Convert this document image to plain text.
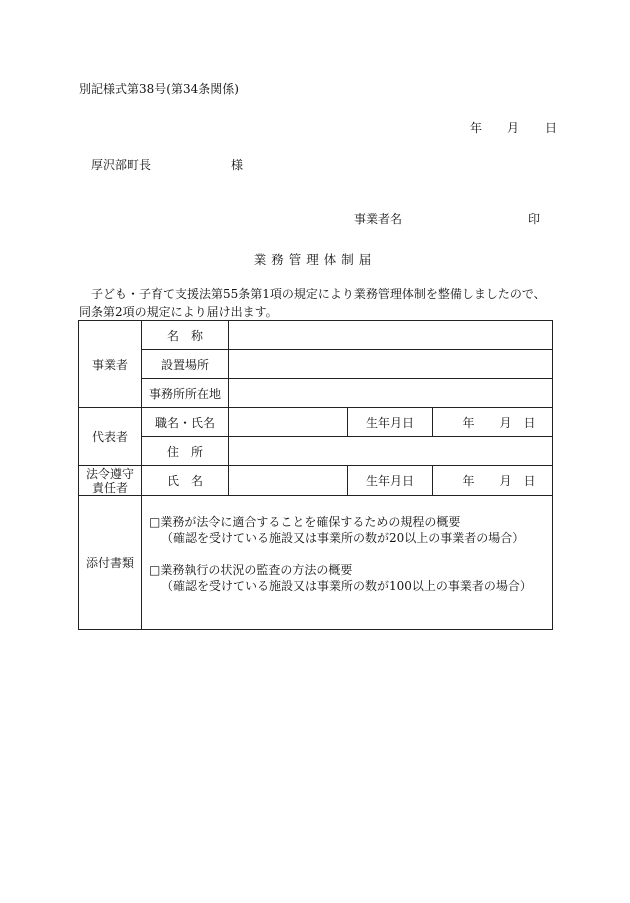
別記様式第38号(第34条関係)
年 月 日
厚沢部町長	様
事業者名	印
業務管理体制届
子ども・子育て支援法第55条第1項の規定により業務管理体制を整備しましたので、同条第2項の規定により届け出ます。
事業者	名　称			
	設置場所			
	事務所所在地			
代表者	職名・氏名		生年月日	年 月 日
	住　所			

法令遵守
責任者	氏　名		生年月日	年 月 日
添付書類	□業務が法令に適合することを確保するための規程の概要
（確認を受けている施設又は事業所の数が20以上の事業者の場合）
□業務執行の状況の監査の方法の概要
（確認を受けている施設又は事業所の数が100以上の事業者の場合）			
